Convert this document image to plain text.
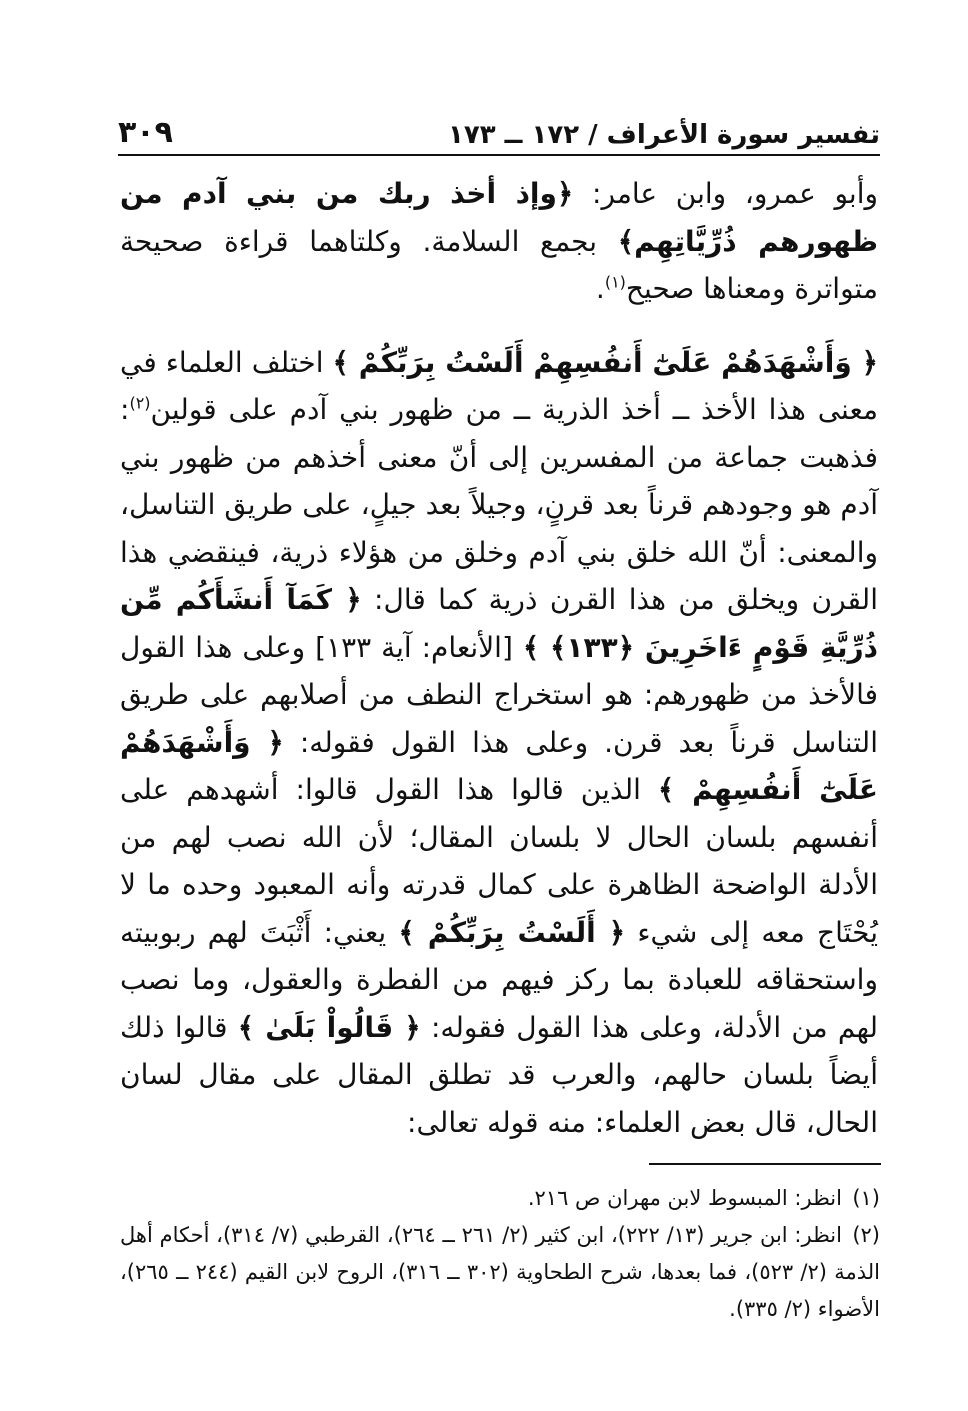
تفسير سورة الأعراف / ١٧٢ ــ ١٧٣
٣٠٩

وأبو عمرو، وابن عامر: ﴿وإذ أخذ ربك من بني آدم من ظهورهم ذُرِّيَّاتِهِم﴾ بجمع السلامة. وكلتاهما قراءة صحيحة متواترة ومعناها صحيح$^{(١)}$.

﴿ وَأَشْهَدَهُمْ عَلَىٰٓ أَنفُسِهِمْ أَلَسْتُ بِرَبِّكُمْ ﴾ اختلف العلماء في معنى هذا الأخذ ــ أخذ الذرية ــ من ظهور بني آدم على قولين$^{(٢)}$: فذهبت جماعة من المفسرين إلى أنّ معنى أخذهم من ظهور بني آدم هو وجودهم قرناً بعد قرنٍ، وجيلاً بعد جيلٍ، على طريق التناسل، والمعنى: أنّ الله خلق بني آدم وخلق من هؤلاء ذرية، فينقضي هذا القرن ويخلق من هذا القرن ذرية كما قال: ﴿ كَمَآ أَنشَأَكُم مِّن ذُرِّيَّةِ قَوْمٍ ءَاخَرِينَ ﴿١٣٣﴾ ﴾ [الأنعام: آية ١٣٣] وعلى هذا القول فالأخذ من ظهورهم: هو استخراج النطف من أصلابهم على طريق التناسل قرناً بعد قرن. وعلى هذا القول فقوله: ﴿ وَأَشْهَدَهُمْ عَلَىٰٓ أَنفُسِهِمْ ﴾ الذين قالوا هذا القول قالوا: أشهدهم على أنفسهم بلسان الحال لا بلسان المقال؛ لأن الله نصب لهم من الأدلة الواضحة الظاهرة على كمال قدرته وأنه المعبود وحده ما لا يُحْتَاج معه إلى شيء ﴿ أَلَسْتُ بِرَبِّكُمْ ﴾ يعني: أَثْبَتَ لهم ربوبيته واستحقاقه للعبادة بما ركز فيهم من الفطرة والعقول، وما نصب لهم من الأدلة، وعلى هذا القول فقوله: ﴿ قَالُواْ بَلَىٰ ﴾ قالوا ذلك أيضاً بلسان حالهم، والعرب قد تطلق المقال على مقال لسان الحال، قال بعض العلماء: منه قوله تعالى:

(١)انظر: المبسوط لابن مهران ص ٢١٦.

(٢)انظر: ابن جرير (١٣/ ٢٢٢)، ابن كثير (٢/ ٢٦١ ــ ٢٦٤)، القرطبي (٧/ ٣١٤)، أحكام أهل الذمة (٢/ ٥٢٣)، فما بعدها، شرح الطحاوية (٣٠٢ ــ ٣١٦)، الروح لابن القيم (٢٤٤ ــ ٢٦٥)، الأضواء (٢/ ٣٣٥).
